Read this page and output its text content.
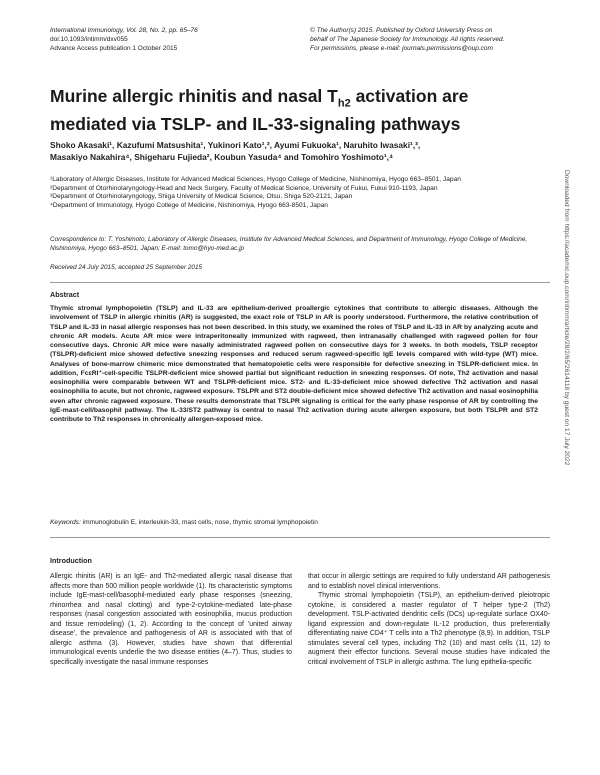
International Immunology, Vol. 28, No. 2, pp. 65–76
doi:10.1093/intimm/dxv055
Advance Access publication 1 October 2015
© The Author(s) 2015. Published by Oxford University Press on
behalf of The Japanese Society for Immunology. All rights reserved.
For permissions, please e-mail: journals.permissions@oup.com
Murine allergic rhinitis and nasal $T_{h2}$ activation are mediated via TSLP- and IL-33-signaling pathways
Shoko Akasaki¹, Kazufumi Matsushita¹, Yukinori Kato¹,², Ayumi Fukuoka¹, Naruhito Iwasaki¹,³,
Masakiyo Nakahira⁴, Shigeharu Fujieda², Koubun Yasuda⁴ and Tomohiro Yoshimoto¹,⁴
¹Laboratory of Allergic Diseases, Institute for Advanced Medical Sciences, Hyogo College of Medicine, Nishinomiya, Hyogo 663–8501, Japan
²Department of Otorhinolaryngology-Head and Neck Surgery, Faculty of Medical Science, University of Fukui, Fukui 910-1193, Japan
³Department of Otorhinolaryngology, Shiga University of Medical Science, Otsu, Shiga 520-2121, Japan
⁴Department of Immunology, Hyogo College of Medicine, Nishinomiya, Hyogo 663-8501, Japan
Correspondence to: T. Yoshimoto, Laboratory of Allergic Diseases, Institute for Advanced Medical Sciences, and Department of Immunology, Hyogo College of Medicine, Nishinomiya, Hyogo 663–8501, Japan; E-mail: tomo@hyo-med.ac.jp
Received 24 July 2015, accepted 25 September 2015
Abstract
Thymic stromal lymphopoietin (TSLP) and IL-33 are epithelium-derived proallergic cytokines that contribute to allergic diseases. Although the involvement of TSLP in allergic rhinitis (AR) is suggested, the exact role of TSLP in AR is poorly understood. Furthermore, the relative contribution of TSLP and IL-33 in nasal allergic responses has not been described. In this study, we examined the roles of TSLP and IL-33 in AR by analyzing acute and chronic AR models. Acute AR mice were intraperitoneally immunized with ragweed, then intranasally challenged with ragweed pollen for four consecutive days. Chronic AR mice were nasally administrated ragweed pollen on consecutive days for 3 weeks. In both models, TSLP receptor (TSLPR)-deficient mice showed defective sneezing responses and reduced serum ragweed-specific IgE levels compared with wild-type (WT) mice. Analyses of bone-marrow chimeric mice demonstrated that hematopoietic cells were responsible for defective sneezing in TSLPR-deficient mice. In addition, FcεRI⁺-cell-specific TSLPR-deficient mice showed partial but significant reduction in sneezing responses. Of note, Th2 activation and nasal eosinophilia were comparable between WT and TSLPR-deficient mice. ST2- and IL-33-deficient mice showed defective Th2 activation and nasal eosinophilia to acute, but not chronic, ragweed exposure. TSLPR and ST2 double-deficient mice showed defective Th2 activation and nasal eosinophilia even after chronic ragweed exposure. These results demonstrate that TSLPR signaling is critical for the early phase response of AR by controlling the IgE-mast-cell/basophil pathway. The IL-33/ST2 pathway is central to nasal Th2 activation during acute allergen exposure, but both TSLPR and ST2 contribute to Th2 responses in chronically allergen-exposed mice.
Keywords: immunoglobulin E, interleukin-33, mast cells, nose, thymic stromal lymphopoietin
Introduction

Allergic rhinitis (AR) is an IgE- and Th2-mediated allergic nasal disease that affects more than 500 million people worldwide (1). Its characteristic symptoms include IgE-mast-cell/basophil-mediated early phase responses (sneezing, rhinorrhea and nasal clotting) and type-2-cytokine-mediated late-phase responses (nasal congestion associated with eosinophilia, mucus production and tissue remodeling) (1, 2). According to the concept of 'united airway disease', the prevalence and pathogenesis of AR is associated with that of allergic asthma (3). However, studies have shown that differential immunological events underlie the two disease entities (4–7). Thus, studies to specifically investigate the nasal immune responses

that occur in allergic settings are required to fully understand AR pathogenesis and to establish novel clinical interventions.

Thymic stromal lymphopoietin (TSLP), an epithelium-derived pleiotropic cytokine, is considered a master regulator of T helper type-2 (Th2) development. TSLP-activated dendritic cells (DCs) up-regulate surface OX40-ligand expression and down-regulate IL-12 production, thus preferentially differentiating naive CD4⁺ T cells into a Th2 phenotype (8,9). In addition, TSLP stimulates several cell types, including Th2 (10) and mast cells (11, 12) to augment their effector functions. Several mouse studies have indicated the critical involvement of TSLP in allergic asthma. The lung epithelia-specific

Downloaded from https://academic.oup.com/intimm/article/28/2/65/2614118 by guest on 17 July 2022
